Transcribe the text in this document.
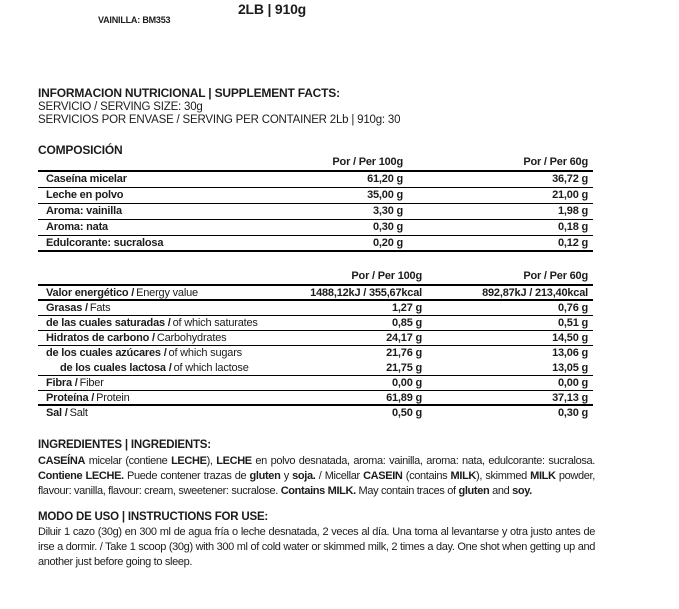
2LB | 910g
VAINILLA: BM353
INFORMACION NUTRICIONAL | SUPPLEMENT FACTS:
SERVICIO / SERVING SIZE: 30g
SERVICIOS POR ENVASE / SERVING PER CONTAINER 2Lb | 910g: 30
COMPOSICIÓN
Por / Per 100g	Por / Per 60g
Caseína micelar	61,20 g	36,72 g
Leche en polvo	35,00 g	21,00 g
Aroma: vainilla	3,30 g	1,98 g
Aroma: nata	0,30 g	0,18 g
Edulcorante: sucralosa	0,20 g	0,12 g
Por / Per 100g	Por / Per 60g
Valor energético / Energy value	1488,12kJ / 355,67kcal	892,87kJ / 213,40kcal
Grasas / Fats	1,27 g	0,76 g
de las cuales saturadas / of which saturates	0,85 g	0,51 g
Hidratos de carbono / Carbohydrates	24,17 g	14,50 g
de los cuales azúcares / of which sugars	21,76 g	13,06 g
de los cuales lactosa / of which lactose	21,75 g	13,05 g
Fibra / Fiber	0,00 g	0,00 g
Proteína / Protein	61,89 g	37,13 g
Sal / Salt	0,50 g	0,30 g
INGREDIENTES | INGREDIENTS:
CASEÍNA micelar (contiene LECHE), LECHE en polvo desnatada, aroma: vainilla, aroma: nata, edulcorante: sucralosa. Contiene LECHE. Puede contener trazas de gluten y soja. / Micellar CASEIN (contains MILK), skimmed MILK powder, flavour: vanilla, flavour: cream, sweetener: sucralose. Contains MILK. May contain traces of gluten and soy.
MODO DE USO | INSTRUCTIONS FOR USE:
Diluir 1 cazo (30g) en 300 ml de agua fría o leche desnatada, 2 veces al día. Una toma al levantarse y otra justo antes de irse a dormir. / Take 1 scoop (30g) with 300 ml of cold water or skimmed milk, 2 times a day. One shot when getting up and another just before going to sleep.
